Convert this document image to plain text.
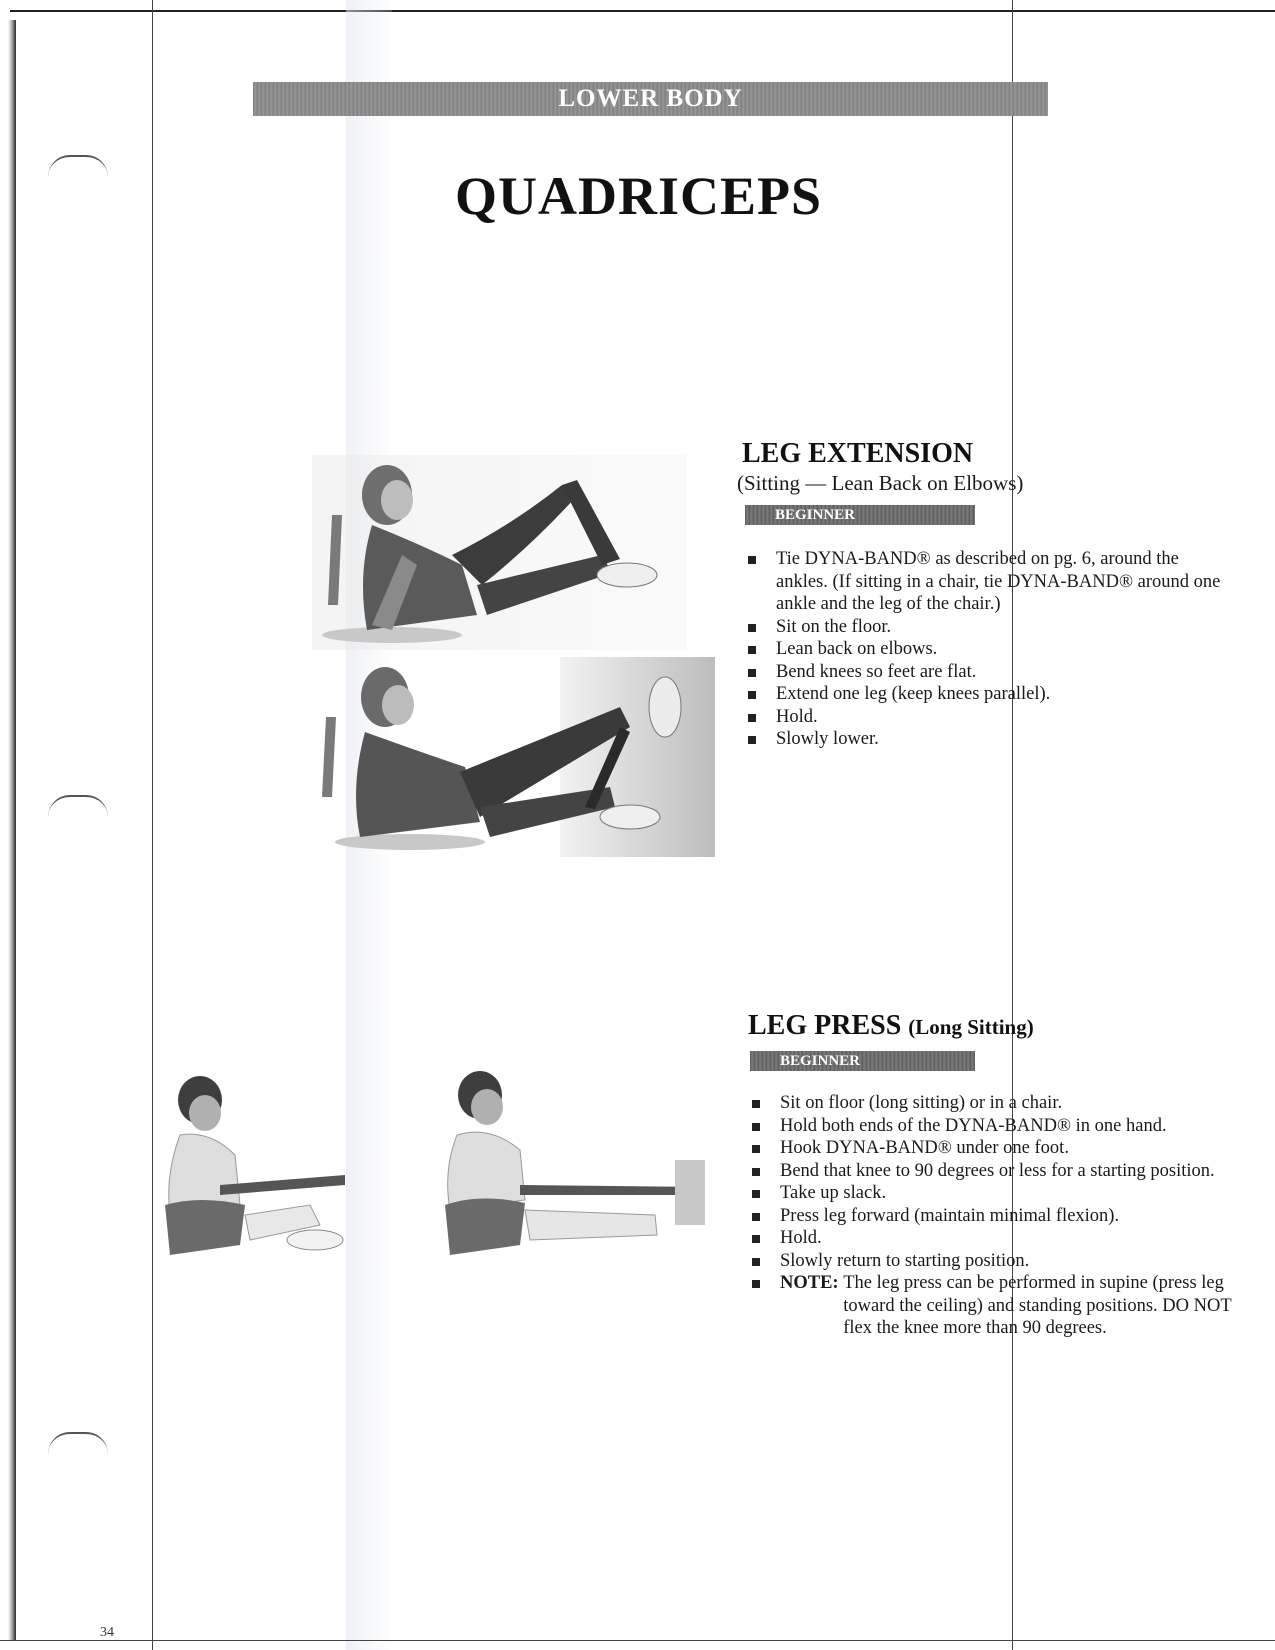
LOWER BODY
QUADRICEPS
LEG EXTENSION
(Sitting — Lean Back on Elbows)
BEGINNER
Tie DYNA-BAND® as described on pg. 6, around the ankles. (If sitting in a chair, tie DYNA-BAND® around one ankle and the leg of the chair.)
Sit on the floor.
Lean back on elbows.
Bend knees so feet are flat.
Extend one leg (keep knees parallel).
Hold.
Slowly lower.
LEG PRESS (Long Sitting)
BEGINNER
Sit on floor (long sitting) or in a chair.
Hold both ends of the DYNA-BAND® in one hand.
Hook DYNA-BAND® under one foot.
Bend that knee to 90 degrees or less for a starting position.
Take up slack.
Press leg forward (maintain minimal flexion).
Hold.
Slowly return to starting position.
NOTE: The leg press can be performed in supine (press leg toward the ceiling) and standing positions. DO NOT flex the knee more than 90 degrees.
34
